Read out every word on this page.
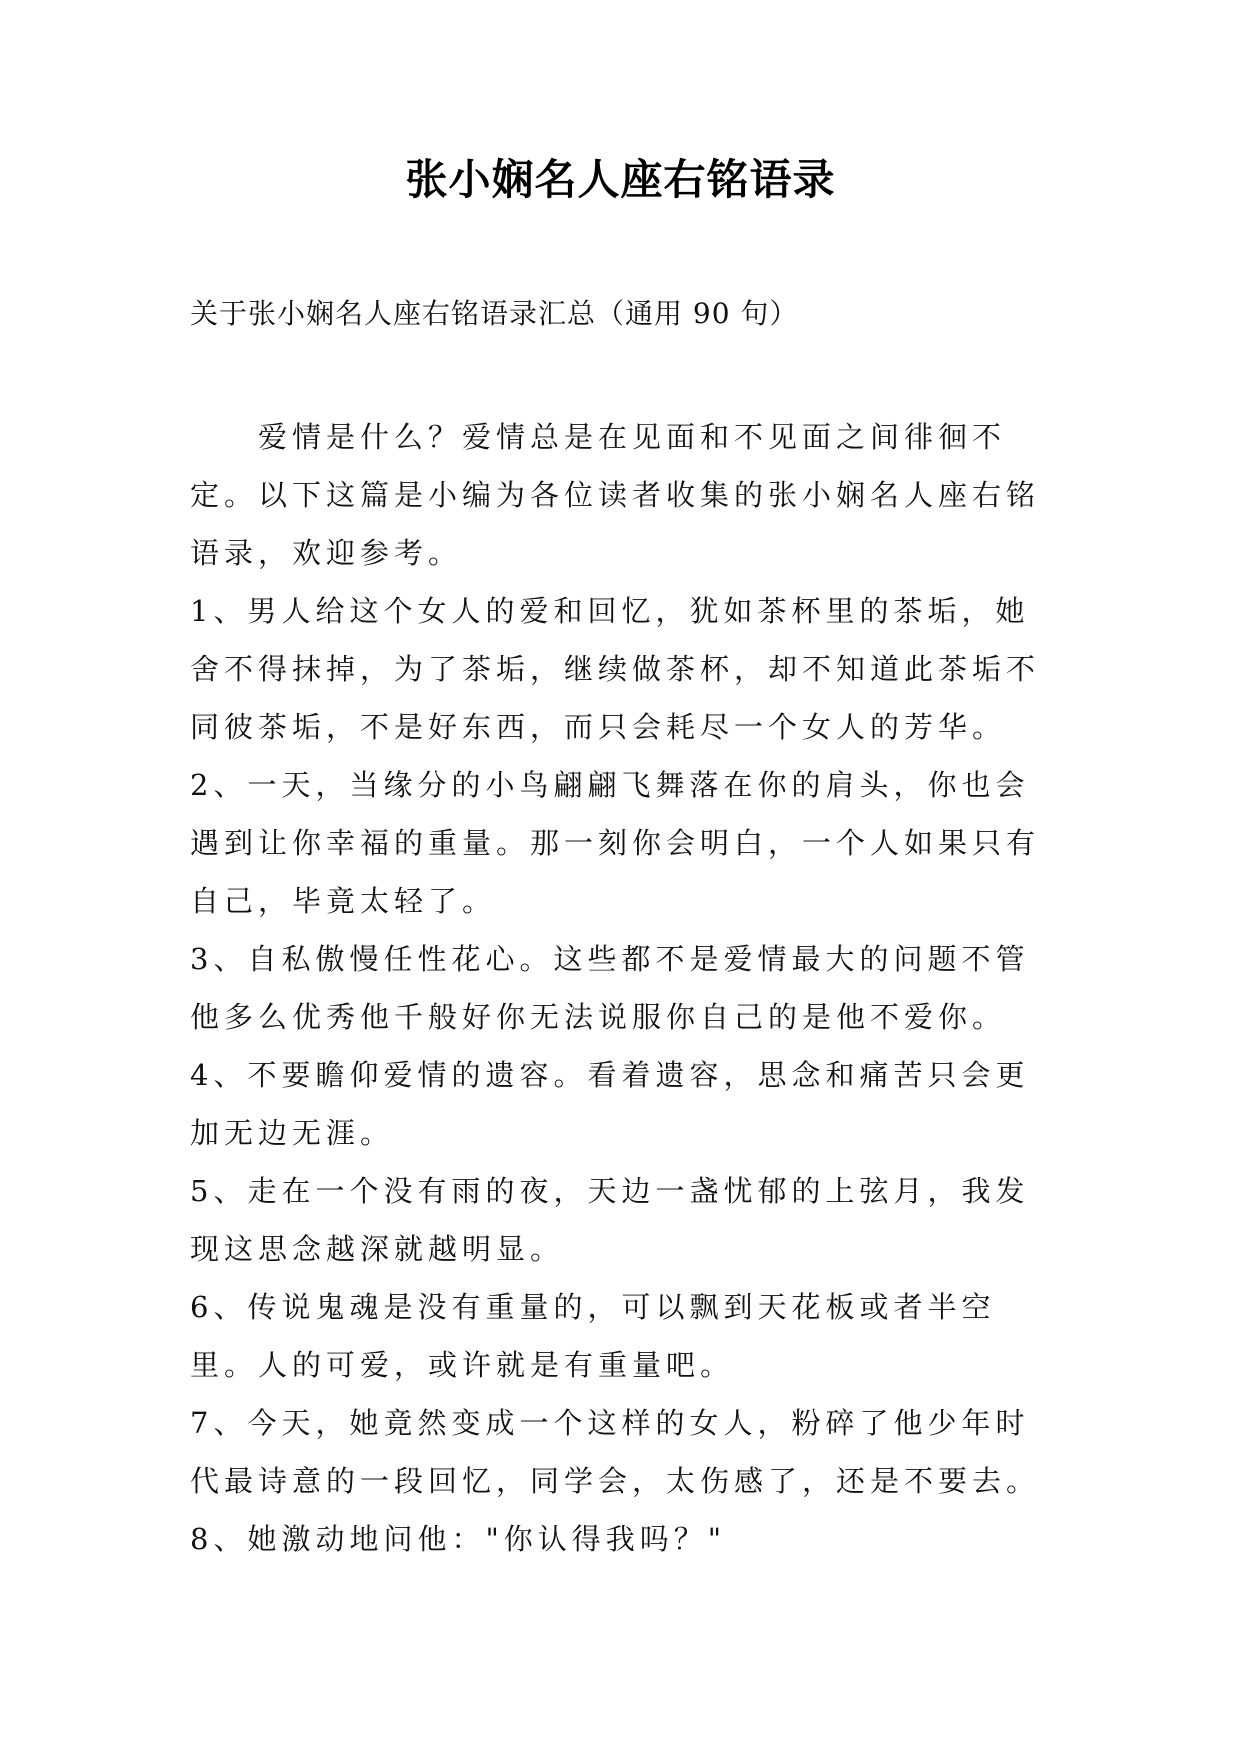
张小娴名人座右铭语录
关于张小娴名人座右铭语录汇总（通用 90 句）

爱情是什么？爱情总是在见面和不见面之间徘徊不定。以下这篇是小编为各位读者收集的张小娴名人座右铭语录，欢迎参考。

1、男人给这个女人的爱和回忆，犹如茶杯里的茶垢，她舍不得抹掉，为了茶垢，继续做茶杯，却不知道此茶垢不同彼茶垢，不是好东西，而只会耗尽一个女人的芳华。

2、一天，当缘分的小鸟翩翩飞舞落在你的肩头，你也会遇到让你幸福的重量。那一刻你会明白，一个人如果只有自己，毕竟太轻了。

3、自私傲慢任性花心。这些都不是爱情最大的问题不管他多么优秀他千般好你无法说服你自己的是他不爱你。

4、不要瞻仰爱情的遗容。看着遗容，思念和痛苦只会更加无边无涯。

5、走在一个没有雨的夜，天边一盏忧郁的上弦月，我发现这思念越深就越明显。

6、传说鬼魂是没有重量的，可以飘到天花板或者半空里。人的可爱，或许就是有重量吧。

7、今天，她竟然变成一个这样的女人，粉碎了他少年时代最诗意的一段回忆，同学会，太伤感了，还是不要去。

8、她激动地问他："你认得我吗？"
